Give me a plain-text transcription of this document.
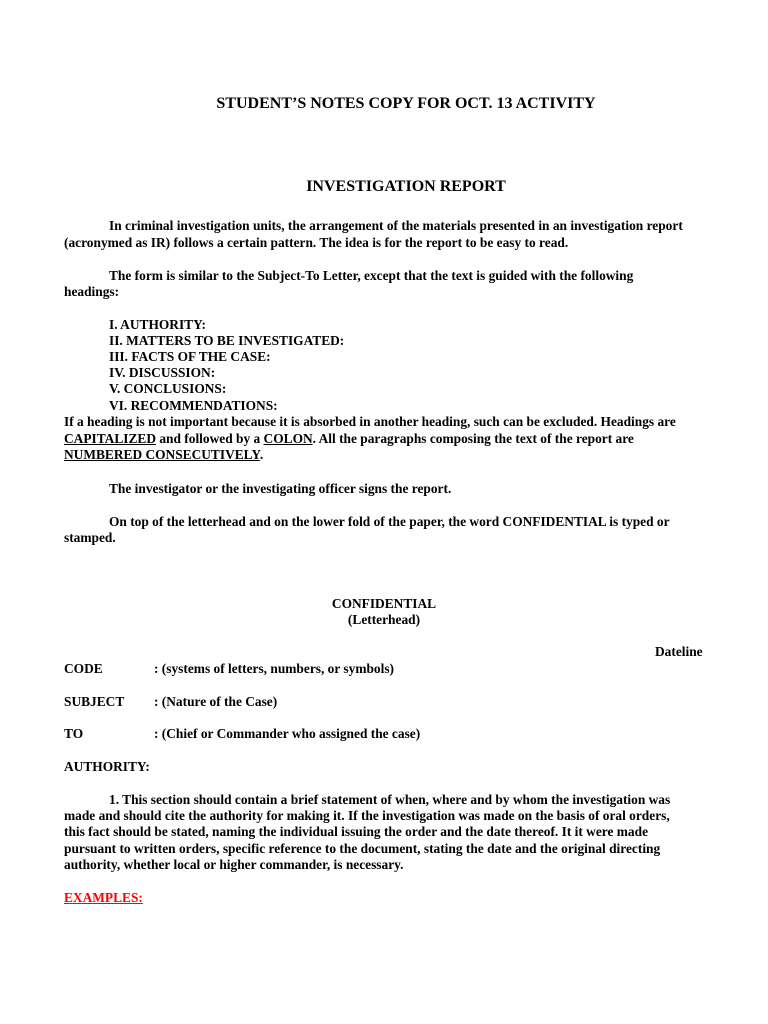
STUDENT’S NOTES COPY FOR OCT. 13 ACTIVITY
INVESTIGATION REPORT
In criminal investigation units, the arrangement of the materials presented in an investigation report
(acronymed as IR) follows a certain pattern. The idea is for the report to be easy to read.
The form is similar to the Subject-To Letter, except that the text is guided with the following
headings:
I. AUTHORITY:
II. MATTERS TO BE INVESTIGATED:
III. FACTS OF THE CASE:
IV. DISCUSSION:
V. CONCLUSIONS:
VI. RECOMMENDATIONS:
If a heading is not important because it is absorbed in another heading, such can be excluded. Headings are
CAPITALIZED and followed by a COLON. All the paragraphs composing the text of the report are
NUMBERED CONSECUTIVELY.
The investigator or the investigating officer signs the report.
On top of the letterhead and on the lower fold of the paper, the word CONFIDENTIAL is typed or
stamped.
CONFIDENTIAL
(Letterhead)
Dateline
CODE	: (systems of letters, numbers, or symbols)
SUBJECT : (Nature of the Case)
TO	: (Chief or Commander who assigned the case)
AUTHORITY:
1. This section should contain a brief statement of when, where and by whom the investigation was
made and should cite the authority for making it. If the investigation was made on the basis of oral orders,
this fact should be stated, naming the individual issuing the order and the date thereof. It it were made
pursuant to written orders, specific reference to the document, stating the date and the original directing
authority, whether local or higher commander, is necessary.
EXAMPLES:
